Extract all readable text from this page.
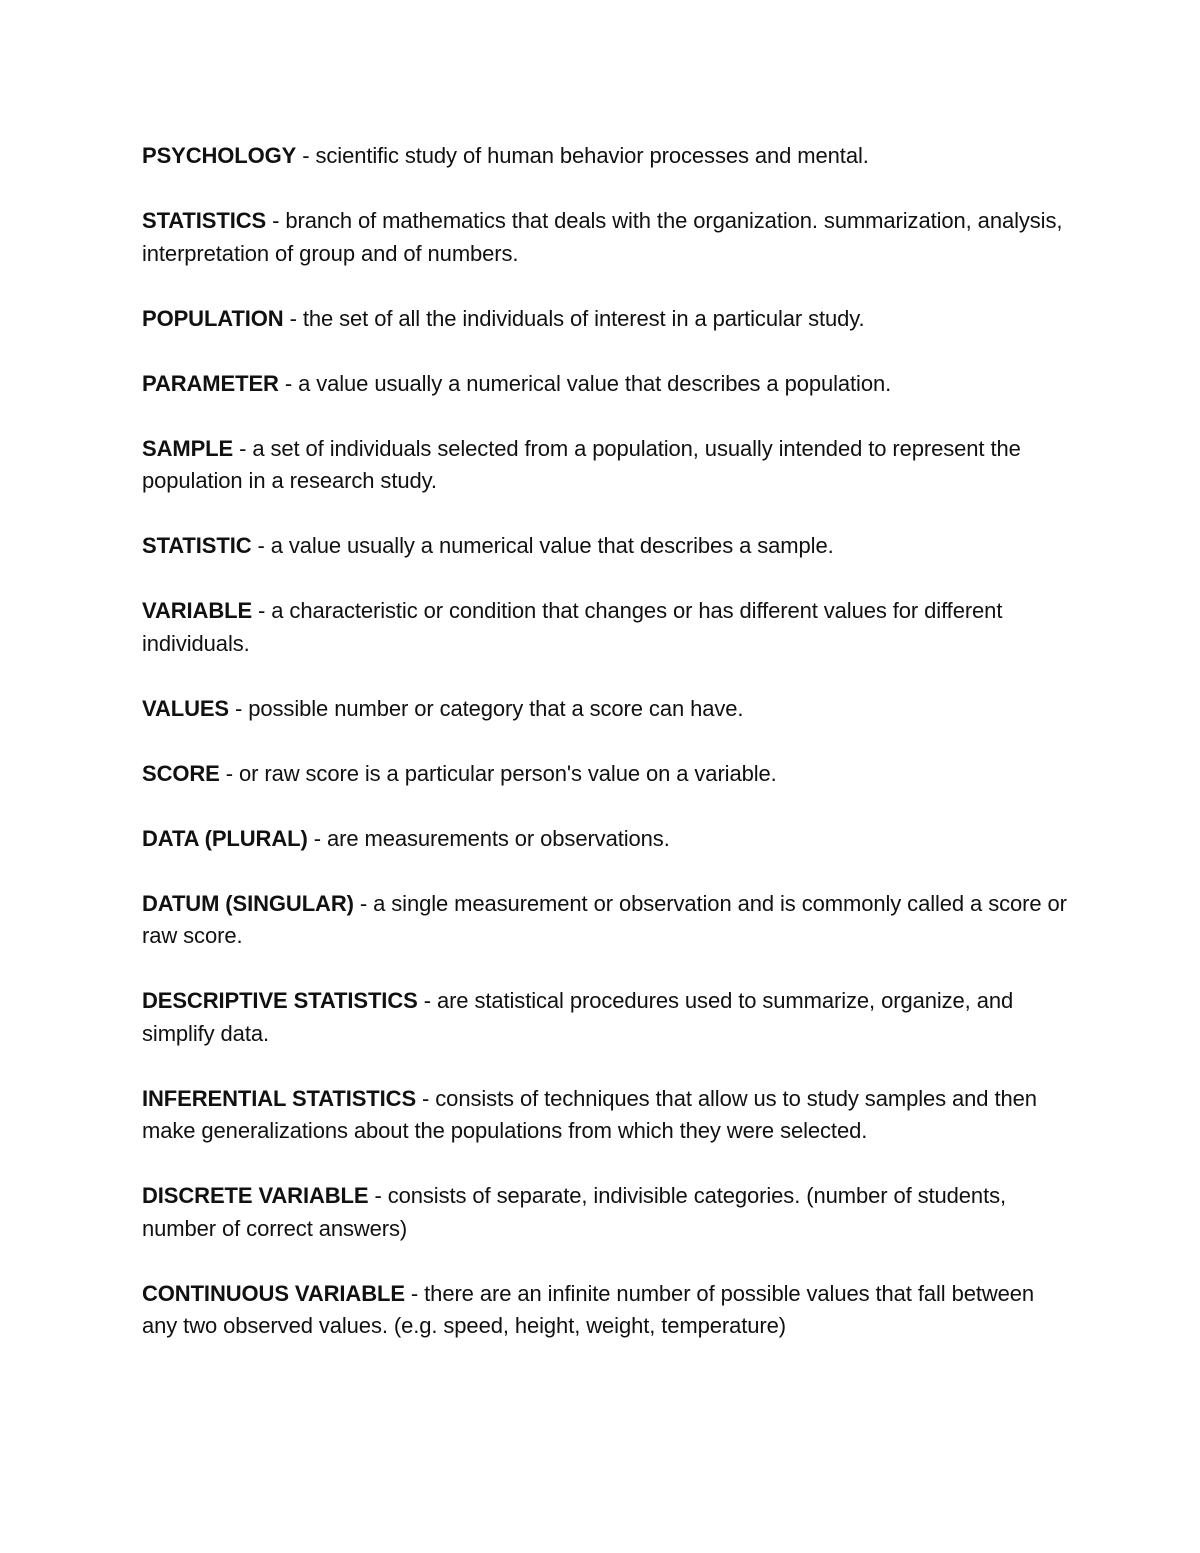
PSYCHOLOGY - scientific study of human behavior processes and mental.

STATISTICS - branch of mathematics that deals with the organization. summarization, analysis, interpretation of group and of numbers.

POPULATION - the set of all the individuals of interest in a particular study.

PARAMETER - a value usually a numerical value that describes a population.

SAMPLE - a set of individuals selected from a population, usually intended to represent the population in a research study.

STATISTIC - a value usually a numerical value that describes a sample.

VARIABLE - a characteristic or condition that changes or has different values for different individuals.

VALUES - possible number or category that a score can have.

SCORE - or raw score is a particular person's value on a variable.

DATA (PLURAL) - are measurements or observations.

DATUM (SINGULAR) - a single measurement or observation and is commonly called a score or raw score.

DESCRIPTIVE STATISTICS - are statistical procedures used to summarize, organize, and simplify data.

INFERENTIAL STATISTICS - consists of techniques that allow us to study samples and then make generalizations about the populations from which they were selected.

DISCRETE VARIABLE - consists of separate, indivisible categories. (number of students, number of correct answers)

CONTINUOUS VARIABLE - there are an infinite number of possible values that fall between any two observed values. (e.g. speed, height, weight, temperature)
